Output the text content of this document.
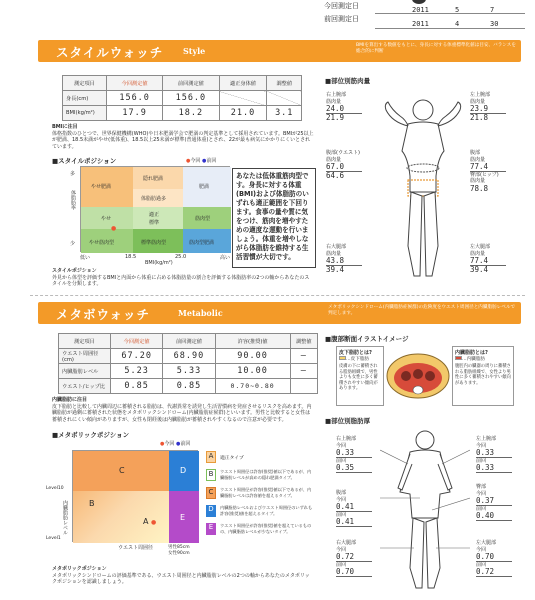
今回測定日
前回測定日
2011	5	7
2011	4	30
スタイルウォッチ Style
BMIを算出する数値をもとに、身長に対する体重標準化値は目安、バランスを総合的に判断
測定項目	今回測定値	前回測定値	適正身体値	調整値
身長(cm)	156.0	156.0		
BMI(kg/m²)	17.9	18.2	21.0	3.1
BMIに注目
体格指数のひとつで、世界保健機構(WHO)や日本肥満学会で肥満の判定基準として採用されています。BMIが25以上が肥満、18.5未満がやせ(低体重)、18.5以上25未満が標準(普通体重)とされ、22が最も病気にかかりにくいとされています。
■スタイルポジション	●今回 ●前回
やせ肥満
隠れ肥満
体脂肪過多
肥満
やせ
適正
標準
筋肉型
筋肉型肥満
やせ筋肉型	標準筋肉型
●
多
体脂肪率
少
低い	18.5	25.0	高い
BMI(kg/m²)
あなたは低体重筋肉型です。身長に対する体重(BMI)および体脂肪のいずれも適正範囲を下回ります。食事の量や質に気をつけ、筋肉を増やすための適度な運動を行いましょう。体重を増やしながら体脂肪を維持する生活習慣が大切です。
スタイルポジション
外見から体型を評価するBMIと内面から体重に占める体脂肪量の割合を評価する体脂肪率の2つの軸からあなたのスタイルを分類します。
■部位別筋肉量
右上腕部
筋肉量
24.0
21.9
左上腕部
筋肉量
23.9
21.8
腹部(ウエスト)
筋肉量
67.0
64.6
腹部
筋肉量
77.4
臀部(ヒップ)
筋肉量
78.8
右大腿部
筋肉量
43.8
39.4
左大腿部
筋肉量
77.4
39.4
メタボウォッチ	Metabolic
メタボリックシンドローム(内臓脂肪症候群)の危険度をウエスト周囲径と内臓脂肪レベルで判定します。
測定項目	今回測定値	前回測定値	許容(推奨)値	調整値
ウエスト周囲径(cm)	67.20	68.90	90.00	—
内臓脂肪レベル	5.23	5.33	10.00	—
ウエスト/ヒップ比	0.85	0.85	0.70~0.80	
内臓脂肪に注目
皮下脂肪と比較して内臓周辺に蓄積される脂肪は、代謝異常を誘発し生活習慣病を発症させるリスクを高めます。内臓脂肪が過剰に蓄積された状態をメタボリックシンドローム(内臓脂肪症候群)といいます。男性と比較すると女性は蓄積されにくい傾向がありますが、女性も閉経後は内臓脂肪が蓄積されやすくなるので注意が必要です。
■メタボリックポジション
●今回 ●前回
C
B
A
D
E
●
Level10
Level1
内臓脂肪レベル
ウエスト周囲径	男性85cm
女性90cm
A	適正タイプ
B	ウエスト周囲径は許容(推奨)値以下であるが、内臓脂肪レベルが高めの隠れ肥満タイプ。
C	ウエスト周囲径が許容(推奨)値以下であるが、内臓脂肪レベルは許容値を超えるタイプ。
D	内臓脂肪レベルおよびウエスト周囲径のいずれも許容(推奨)値を超えるタイプ。
E	ウエスト周囲径が許容(推奨)値を超えているものの、内臓脂肪レベルが少ないタイプ。
メタボリックポジション
メタボリックシンドロームの評価基準である、ウエスト周囲径と内臓脂肪レベルの2つの軸からあなたのメタボリックポジションを認識しましょう。
■腹部断面イラストイメージ
皮下脂肪とは?
…皮下脂肪
皮膚の下に蓄積される脂肪組織で、男性よりも女性に多く蓄積されやすい傾向があります。
内臓脂肪とは?
…内臓脂肪
腹腔内の臓器の周りに蓄積される脂肪組織で、女性より男性に多く蓄積されやすい傾向があります。
■部位別脂肪厚
右上腕部
今回
0.33
前回
0.35
左上腕部
今回
0.33
前回
0.33
腹部
今回
0.41
前回
0.41
臀部
今回
0.37
前回
0.40
右大腿部
今回
0.72
前回
0.70
左大腿部
今回
0.70
前回
0.72
